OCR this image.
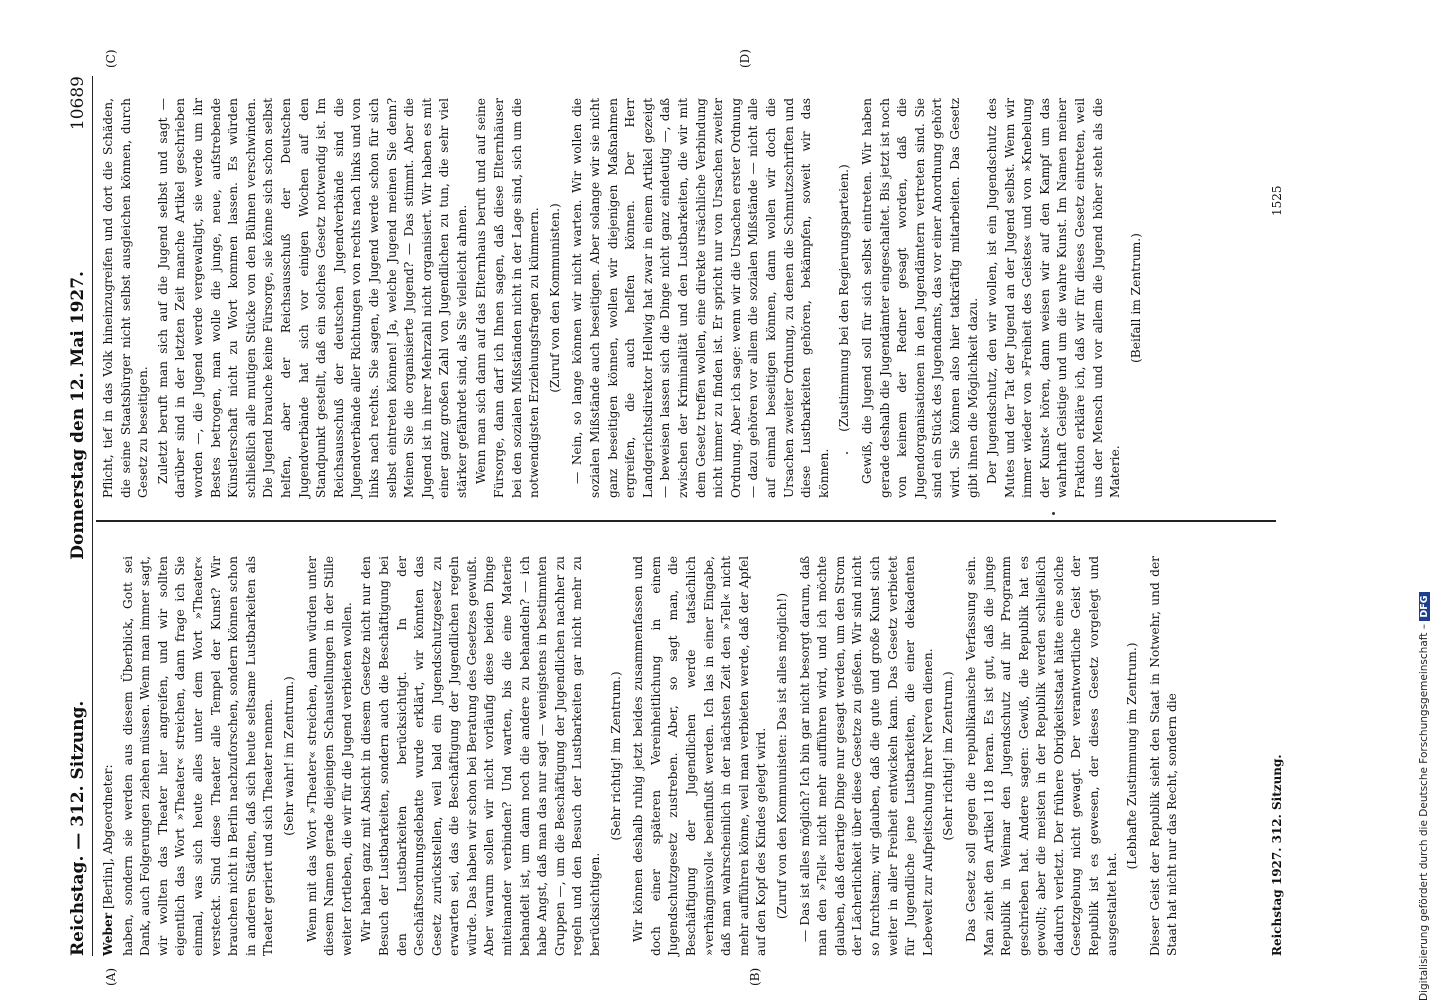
Reichstag. — 312. Sitzung.
Donnerstag den 12. Mai 1927.
10689
(A)	(B)
(C)	(D)

Weber [Berlin], Abgeordneter: haben, sondern sie werden aus diesem Überblick, Gott sei Dank, auch Folgerungen ziehen müssen. Wenn man immer sagt, wir wollten das Theater hier angreifen, und wir sollten eigentlich das Wort »Theater« streichen, dann frage ich Sie einmal, was sich heute alles unter dem Wort »Theater« versteckt. Sind diese Theater alle Tempel der Kunst? Wir brauchen nicht in Berlin nachzuforschen, sondern können schon in anderen Städten, daß sich heute seltsame Lustbarkeiten als Theater geriert und sich Theater nennen. (Sehr wahr! im Zentrum.) Wenn mit das Wort »Theater« streichen, dann würden unter diesem Namen gerade diejenigen Schaustellungen in der Stille weiter fortleben, die wir für die Jugend verbieten wollen. Wir haben ganz mit Absicht in diesem Gesetze nicht nur den Besuch der Lustbarkeiten, sondern auch die Beschäftigung bei den Lustbarkeiten berücksichtigt. In der Geschäftsordnungsdebatte wurde erklärt, wir könnten das Gesetz zurückstellen, weil bald ein Jugendschutzgesetz zu erwarten sei, das die Beschäftigung der Jugendlichen regeln würde. Das haben wir schon bei Beratung des Gesetzes gewußt. Aber warum sollen wir nicht vorläufig diese beiden Dinge miteinander verbinden? Und warten, bis die eine Materie behandelt ist, um dann noch die andere zu behandeln? — ich habe Angst, daß man das nur sagt — wenigstens in bestimmten Gruppen —, um die Beschäftigung der Jugendlichen nachher zu regeln und den Besuch der Lustbarkeiten gar nicht mehr zu berücksichtigen.

(Sehr richtig! im Zentrum.) Wir können deshalb ruhig jetzt beides zusammenfassen und doch einer späteren Vereinheitlichung in einem Jugendschutzgesetz zustreben. Aber, so sagt man, die Beschäftigung der Jugendlichen werde tatsächlich »verhängnisvoll« beeinflußt werden. Ich las in einer Eingabe, daß man wahrscheinlich in der nächsten Zeit den »Tell« nicht mehr aufführen könne, weil man verbieten werde, daß der Apfel auf den Kopf des Kindes gelegt wird. (Zuruf von den Kommunisten: Das ist alles möglich!) — Das ist alles möglich? Ich bin gar nicht besorgt darum, daß man den »Tell« nicht mehr aufführen wird, und ich möchte glauben, daß derartige Dinge nur gesagt werden, um den Strom der Lächerlichkeit über diese Gesetze zu gießen. Wir sind nicht so furchtsam; wir glauben, daß die gute und große Kunst sich weiter in aller Freiheit entwickeln kann. Das Gesetz verbietet für Jugendliche jene Lustbarkeiten, die einer dekadenten Lebewelt zur Aufpeitschung ihrer Nerven dienen. (Sehr richtig! im Zentrum.) Das Gesetz soll gegen die republikanische Verfassung sein. Man zieht den Artikel 118 heran. Es ist gut, daß die junge Republik in Weimar den Jugendschutz auf ihr Programm geschrieben hat. Andere sagen: Gewiß, die Republik hat es gewollt; aber die meisten in der Republik werden schließlich dadurch verletzt. Der frühere Obrigkeitsstaat hätte eine solche Gesetzgebung nicht gewagt. Der verantwortliche Geist der Republik ist es gewesen, der dieses Gesetz vorgelegt und ausgestaltet hat.

(Lebhafte Zustimmung im Zentrum.) Dieser Geist der Republik sieht den Staat in Notwehr, und der Staat hat nicht nur das Recht, sondern die

Pflicht, tief in das Volk hineinzugreifen und dort die Schäden, die seine Staatsbürger nicht selbst ausgleichen können, durch Gesetz zu beseitigen. Zuletzt beruft man sich auf die Jugend selbst und sagt — darüber sind in der letzten Zeit manche Artikel geschrieben worden —, die Jugend werde vergewaltigt, sie werde um ihr Bestes betrogen, man wolle die junge, neue, aufstrebende Künstlerschaft nicht zu Wort kommen lassen. Es würden schließlich alle mutigen Stücke von den Bühnen verschwinden. Die Jugend brauche keine Fürsorge, sie könne sich schon selbst helfen, aber der Reichsausschuß der Deutschen Jugendverbände hat sich vor einigen Wochen auf den Standpunkt gestellt, daß ein solches Gesetz notwendig ist. Im Reichsausschuß der deutschen Jugendverbände sind die Jugendverbände aller Richtungen von rechts nach links und von links nach rechts. Sie sagen, die Jugend werde schon für sich selbst eintreten können! Ja, welche Jugend meinen Sie denn? Meinen Sie die organisierte Jugend? — Das stimmt. Aber die Jugend ist in ihrer Mehrzahl nicht organisiert. Wir haben es mit einer ganz großen Zahl von Jugendlichen zu tun, die sehr viel stärker gefährdet sind, als Sie vielleicht ahnen. Wenn man sich dann auf das Elternhaus beruft und auf seine Fürsorge, dann darf ich Ihnen sagen, daß diese Elternhäuser bei den sozialen Mißständen nicht in der Lage sind, sich um die notwendigsten Erziehungsfragen zu kümmern. (Zuruf von den Kommunisten.) — Nein, so lange können wir nicht warten. Wir wollen die sozialen Mißstände auch beseitigen. Aber solange wir sie nicht ganz beseitigen können, wollen wir diejenigen Maßnahmen ergreifen, die auch helfen können. Der Herr Landgerichtsdirektor Hellwig hat zwar in einem Artikel gezeigt — beweisen lassen sich die Dinge nicht ganz eindeutig —, daß zwischen der Kriminalität und den Lustbarkeiten, die wir mit dem Gesetz treffen wollen, eine direkte ursächliche Verbindung nicht immer zu finden ist. Er spricht nur von Ursachen zweiter Ordnung. Aber ich sage: wenn wir die Ursachen erster Ordnung — dazu gehören vor allem die sozialen Mißstände — nicht alle auf einmal beseitigen können, dann wollen wir doch die Ursachen zweiter Ordnung, zu denen die Schmutzschriften und diese Lustbarkeiten gehören, bekämpfen, soweit wir das können.

(Zustimmung bei den Regierungsparteien.) Gewiß, die Jugend soll für sich selbst eintreten. Wir haben gerade deshalb die Jugendämter eingeschaltet. Bis jetzt ist noch von keinem der Redner gesagt worden, daß die Jugendorganisationen in den Jugendämtern vertreten sind. Sie sind ein Stück des Jugendamts, das vor einer Anordnung gehört wird. Sie können also hier tatkräftig mitarbeiten. Das Gesetz gibt ihnen die Möglichkeit dazu. Der Jugendschutz, den wir wollen, ist ein Jugendschutz des Mutes und der Tat der Jugend an der Jugend selbst. Wenn wir immer wieder von »Freiheit des Geistes« und von »Knebelung der Kunst« hören, dann weisen wir auf den Kampf um das wahrhaft Geistige und um die wahre Kunst. Im Namen meiner Fraktion erkläre ich, daß wir für dieses Gesetz eintreten, weil uns der Mensch und vor allem die Jugend höher steht als die Materie.

(Beifall im Zentrum.)

Reichstag 1927. 312. Sitzung.
1525
Digitalisierung gefördert durch die Deutsche Forschungsgemeinschaft – DFG
